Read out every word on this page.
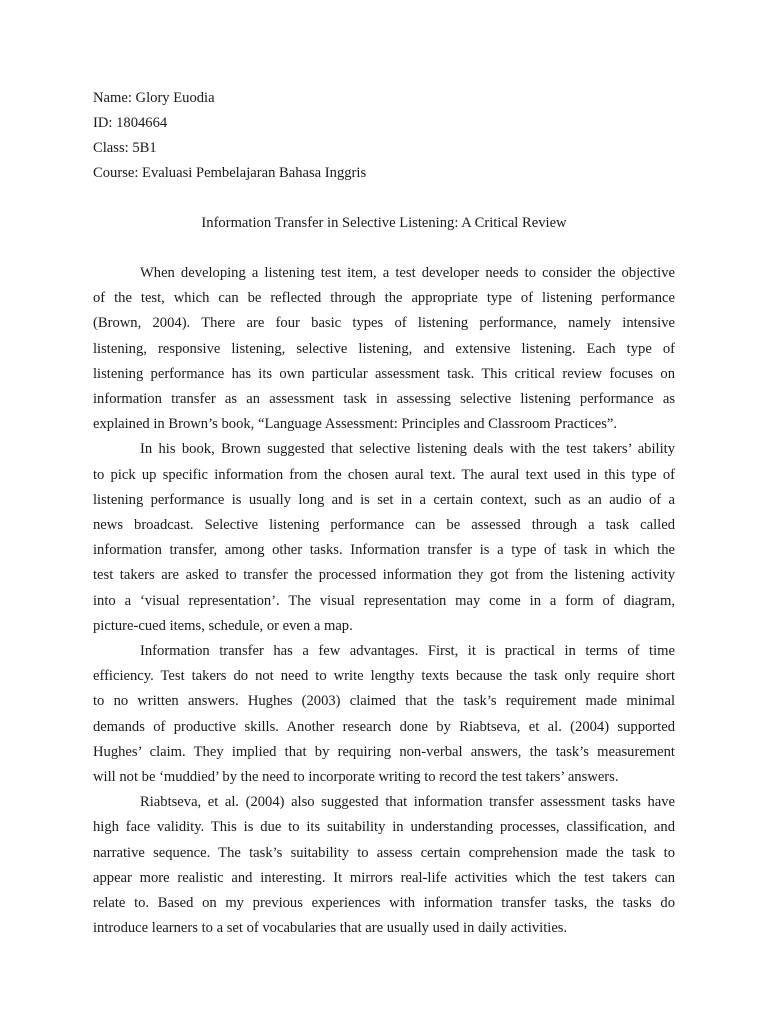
Name: Glory Euodia
ID: 1804664
Class: 5B1
Course: Evaluasi Pembelajaran Bahasa Inggris
Information Transfer in Selective Listening: A Critical Review
When developing a listening test item, a test developer needs to consider the objective
of the test, which can be reflected through the appropriate type of listening performance
(Brown, 2004). There are four basic types of listening performance, namely intensive
listening, responsive listening, selective listening, and extensive listening. Each type of
listening performance has its own particular assessment task. This critical review focuses on
information transfer as an assessment task in assessing selective listening performance as
explained in Brown’s book, “Language Assessment: Principles and Classroom Practices”.
In his book, Brown suggested that selective listening deals with the test takers’ ability
to pick up specific information from the chosen aural text. The aural text used in this type of
listening performance is usually long and is set in a certain context, such as an audio of a
news broadcast. Selective listening performance can be assessed through a task called
information transfer, among other tasks. Information transfer is a type of task in which the
test takers are asked to transfer the processed information they got from the listening activity
into a ‘visual representation’. The visual representation may come in a form of diagram,
picture-cued items, schedule, or even a map.
Information transfer has a few advantages. First, it is practical in terms of time
efficiency. Test takers do not need to write lengthy texts because the task only require short
to no written answers. Hughes (2003) claimed that the task’s requirement made minimal
demands of productive skills. Another research done by Riabtseva, et al. (2004) supported
Hughes’ claim. They implied that by requiring non-verbal answers, the task’s measurement
will not be ‘muddied’ by the need to incorporate writing to record the test takers’ answers.
Riabtseva, et al. (2004) also suggested that information transfer assessment tasks have
high face validity. This is due to its suitability in understanding processes, classification, and
narrative sequence. The task’s suitability to assess certain comprehension made the task to
appear more realistic and interesting. It mirrors real-life activities which the test takers can
relate to. Based on my previous experiences with information transfer tasks, the tasks do
introduce learners to a set of vocabularies that are usually used in daily activities.
